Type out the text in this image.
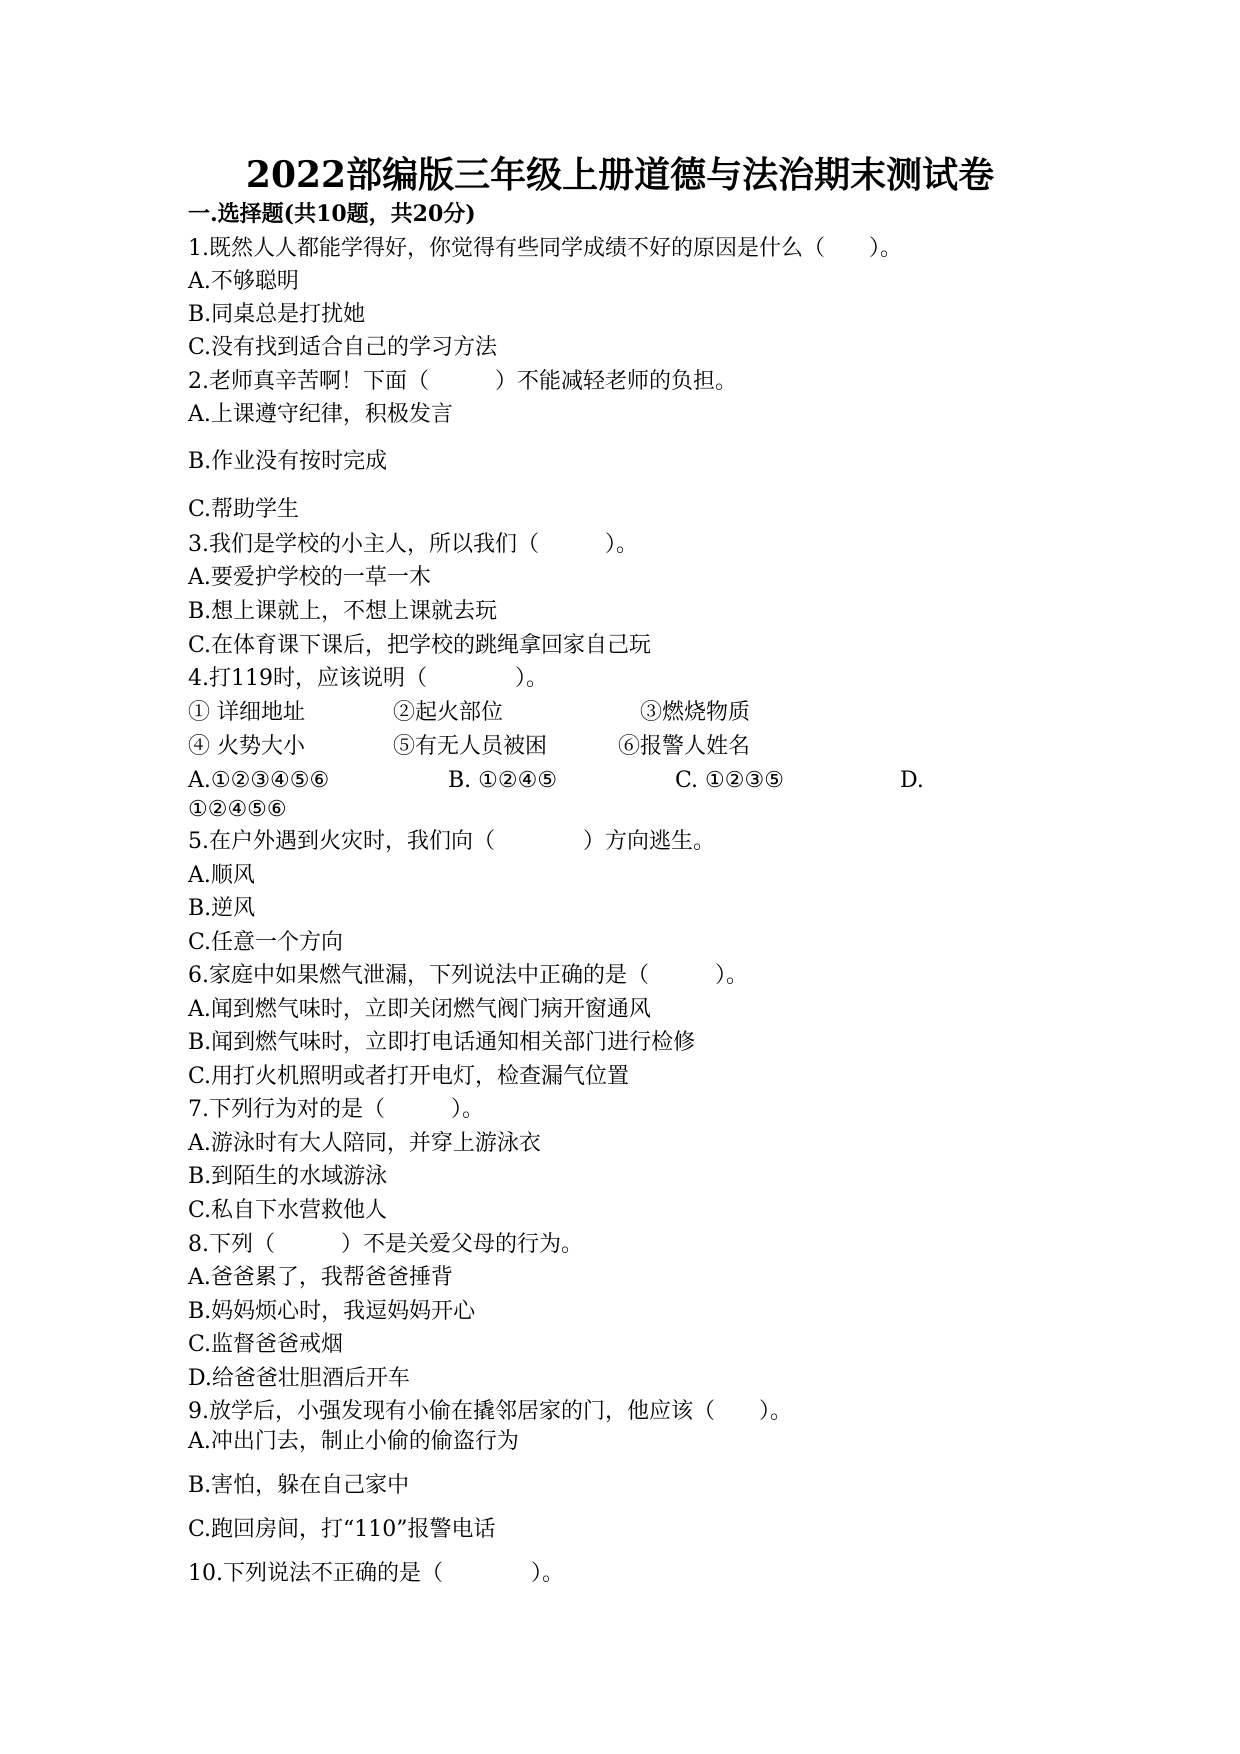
2022部编版三年级上册道德与法治期末测试卷
一.选择题(共10题，共20分)
1.既然人人都能学得好，你觉得有些同学成绩不好的原因是什么（　　）。
A.不够聪明
B.同桌总是打扰她
C.没有找到适合自己的学习方法
2.老师真辛苦啊！下面（　　　）不能减轻老师的负担。
A.上课遵守纪律，积极发言
B.作业没有按时完成
C.帮助学生
3.我们是学校的小主人，所以我们（　　　）。
A.要爱护学校的一草一木
B.想上课就上，不想上课就去玩
C.在体育课下课后，把学校的跳绳拿回家自己玩
4.打119时，应该说明（　　　　）。
① 详细地址	②起火部位	③燃烧物质
④ 火势大小	⑤有无人员被困	⑥报警人姓名
A.①②③④⑤⑥	B. ①②④⑤	C. ①②③⑤	D.
①②④⑤⑥
5.在户外遇到火灾时，我们向（　　　　）方向逃生。
A.顺风
B.逆风
C.任意一个方向
6.家庭中如果燃气泄漏，下列说法中正确的是（　　　）。
A.闻到燃气味时，立即关闭燃气阀门病开窗通风
B.闻到燃气味时，立即打电话通知相关部门进行检修
C.用打火机照明或者打开电灯，检查漏气位置
7.下列行为对的是（　　　）。
A.游泳时有大人陪同，并穿上游泳衣
B.到陌生的水域游泳
C.私自下水营救他人
8.下列（　　　）不是关爱父母的行为。
A.爸爸累了，我帮爸爸捶背
B.妈妈烦心时，我逗妈妈开心
C.监督爸爸戒烟
D.给爸爸壮胆酒后开车
9.放学后，小强发现有小偷在撬邻居家的门，他应该（　　）。
A.冲出门去，制止小偷的偷盗行为
B.害怕，躲在自己家中
C.跑回房间，打“110”报警电话
10.下列说法不正确的是（　　　　）。
